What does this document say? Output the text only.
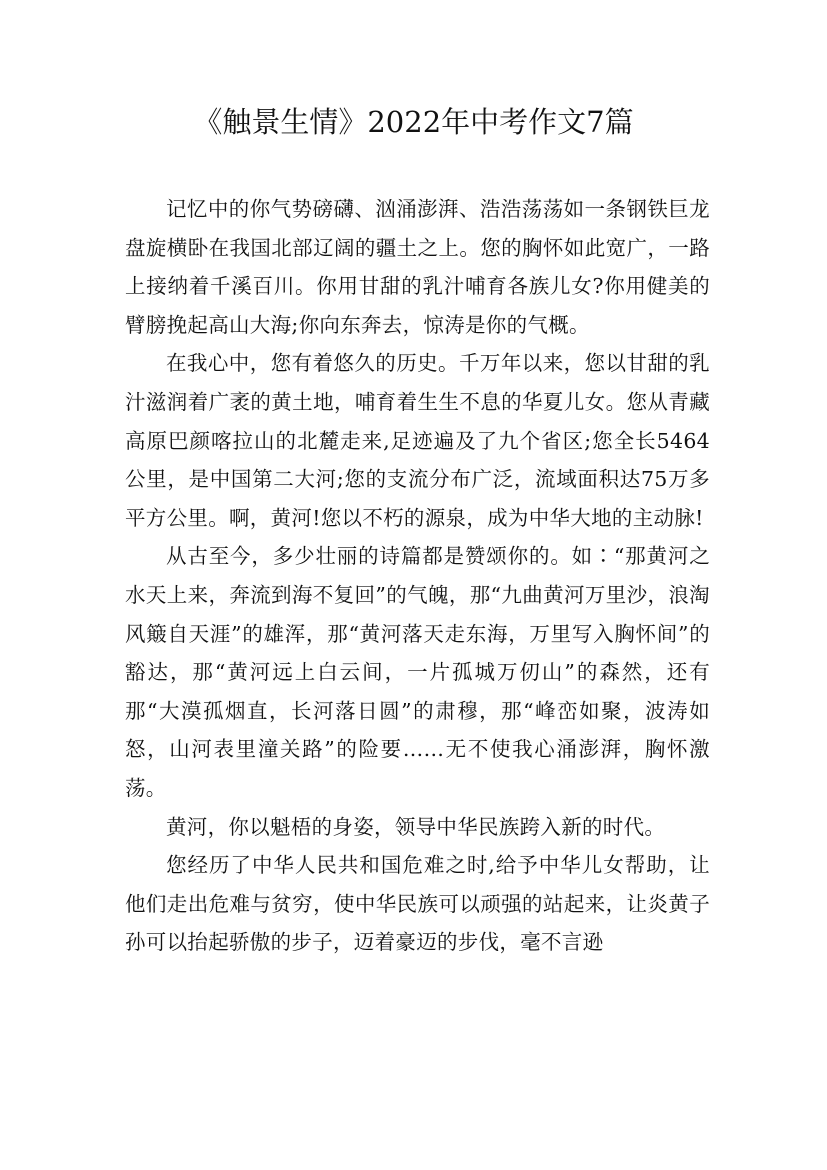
《触景生情》2022年中考作文7篇

记忆中的你气势磅礴、汹涌澎湃、浩浩荡荡如一条钢铁巨龙盘旋横卧在我国北部辽阔的疆土之上。您的胸怀如此宽广，一路上接纳着千溪百川。你用甘甜的乳汁哺育各族儿女?你用健美的臂膀挽起高山大海;你向东奔去，惊涛是你的气概。

在我心中，您有着悠久的历史。千万年以来，您以甘甜的乳汁滋润着广袤的黄土地，哺育着生生不息的华夏儿女。您从青藏高原巴颜喀拉山的北麓走来,足迹遍及了九个省区;您全长5464公里，是中国第二大河;您的支流分布广泛，流域面积达75万多平方公里。啊，黄河!您以不朽的源泉，成为中华大地的主动脉!

从古至今，多少壮丽的诗篇都是赞颂你的。如∶“那黄河之水天上来，奔流到海不复回”的气魄，那“九曲黄河万里沙，浪淘风簸自天涯”的雄浑，那“黄河落天走东海，万里写入胸怀间”的豁达，那“黄河远上白云间，一片孤城万仞山”的森然，还有那“大漠孤烟直，长河落日圆”的肃穆，那“峰峦如聚，波涛如怒，山河表里潼关路”的险要……无不使我心涌澎湃，胸怀激荡。

黄河，你以魁梧的身姿，领导中华民族跨入新的时代。

您经历了中华人民共和国危难之时,给予中华儿女帮助，让他们走出危难与贫穷，使中华民族可以顽强的站起来，让炎黄子孙可以抬起骄傲的步子，迈着豪迈的步伐，毫不言逊
